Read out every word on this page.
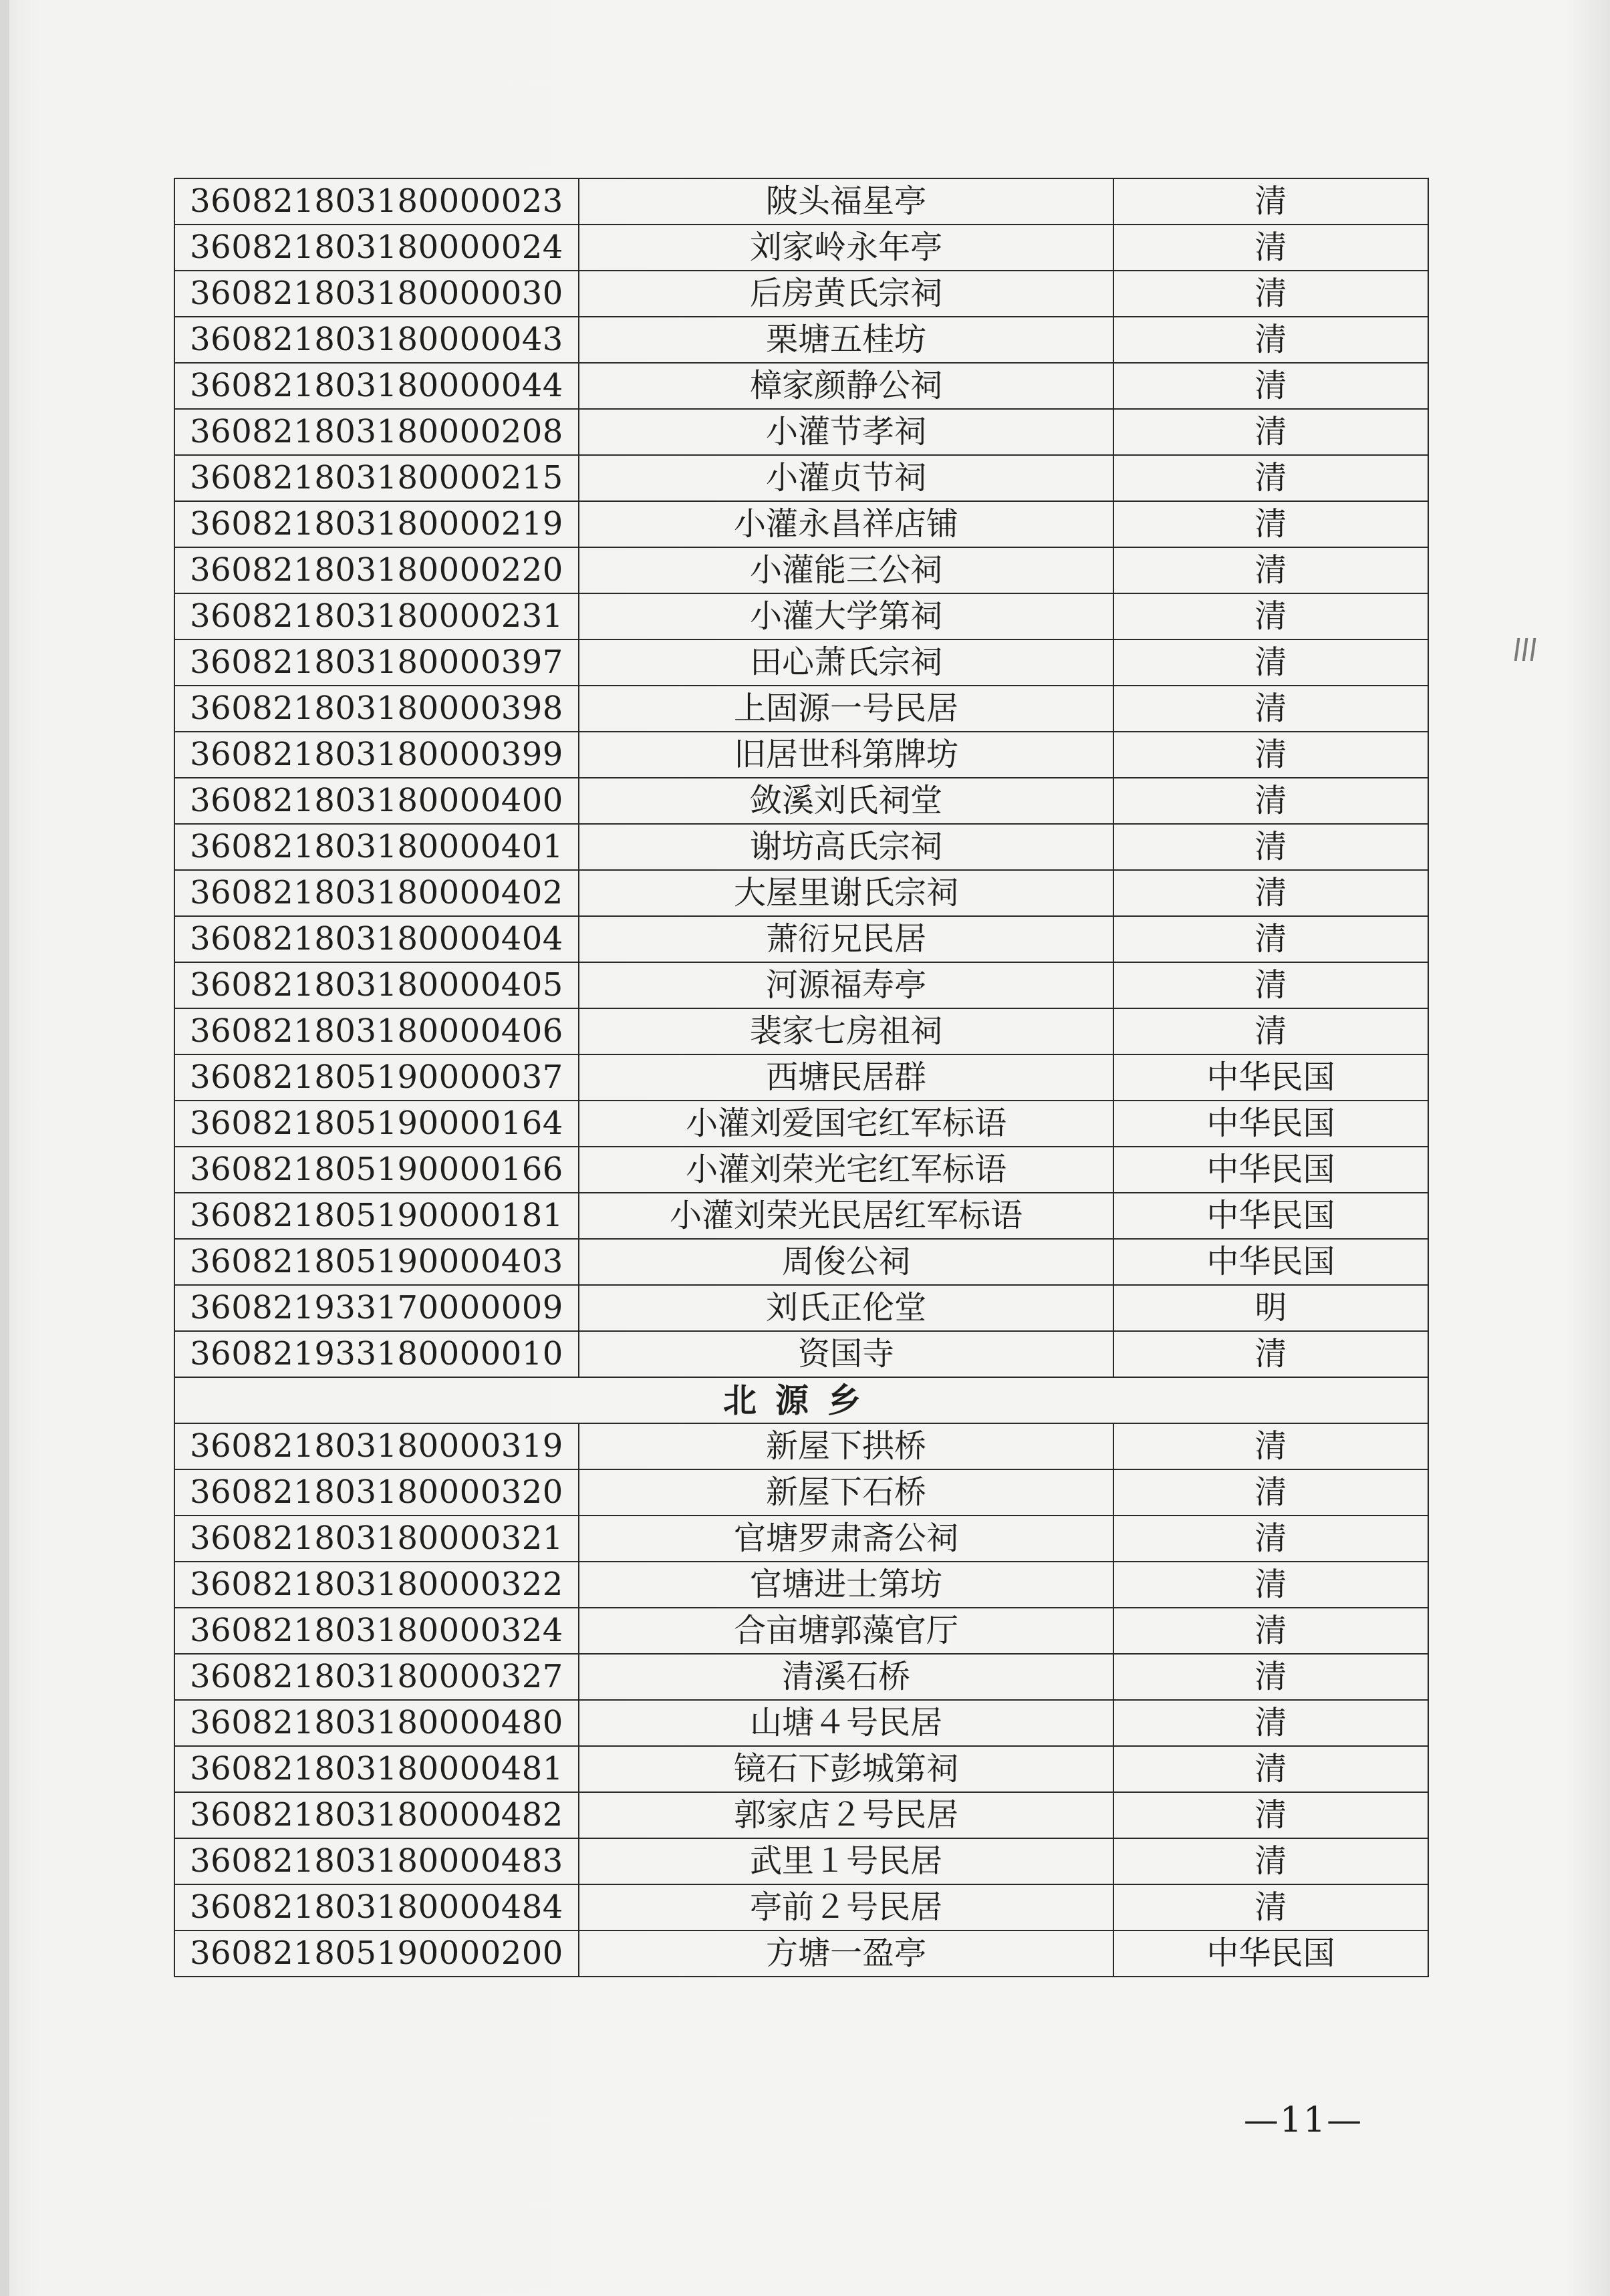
360821803180000023	陂头福星亭	清
360821803180000024	刘家岭永年亭	清
360821803180000030	后房黄氏宗祠	清
360821803180000043	栗塘五桂坊	清
360821803180000044	樟家颜静公祠	清
360821803180000208	小灌节孝祠	清
360821803180000215	小灌贞节祠	清
360821803180000219	小灌永昌祥店铺	清
360821803180000220	小灌能三公祠	清
360821803180000231	小灌大学第祠	清
360821803180000397	田心萧氏宗祠	清
360821803180000398	上固源一号民居	清
360821803180000399	旧居世科第牌坊	清
360821803180000400	敛溪刘氏祠堂	清
360821803180000401	谢坊高氏宗祠	清
360821803180000402	大屋里谢氏宗祠	清
360821803180000404	萧衍兄民居	清
360821803180000405	河源福寿亭	清
360821803180000406	裴家七房祖祠	清
360821805190000037	西塘民居群	中华民国
360821805190000164	小灌刘爱国宅红军标语	中华民国
360821805190000166	小灌刘荣光宅红军标语	中华民国
360821805190000181	小灌刘荣光民居红军标语	中华民国
360821805190000403	周俊公祠	中华民国
360821933170000009	刘氏正伦堂	明
360821933180000010	资国寺	清
北源乡		
360821803180000319	新屋下拱桥	清
360821803180000320	新屋下石桥	清
360821803180000321	官塘罗肃斋公祠	清
360821803180000322	官塘进士第坊	清
360821803180000324	合亩塘郭藻官厅	清
360821803180000327	清溪石桥	清
360821803180000480	山塘４号民居	清
360821803180000481	镜石下彭城第祠	清
360821803180000482	郭家店２号民居	清
360821803180000483	武里１号民居	清
360821803180000484	亭前２号民居	清
360821805190000200	方塘一盈亭	中华民国
—11—
